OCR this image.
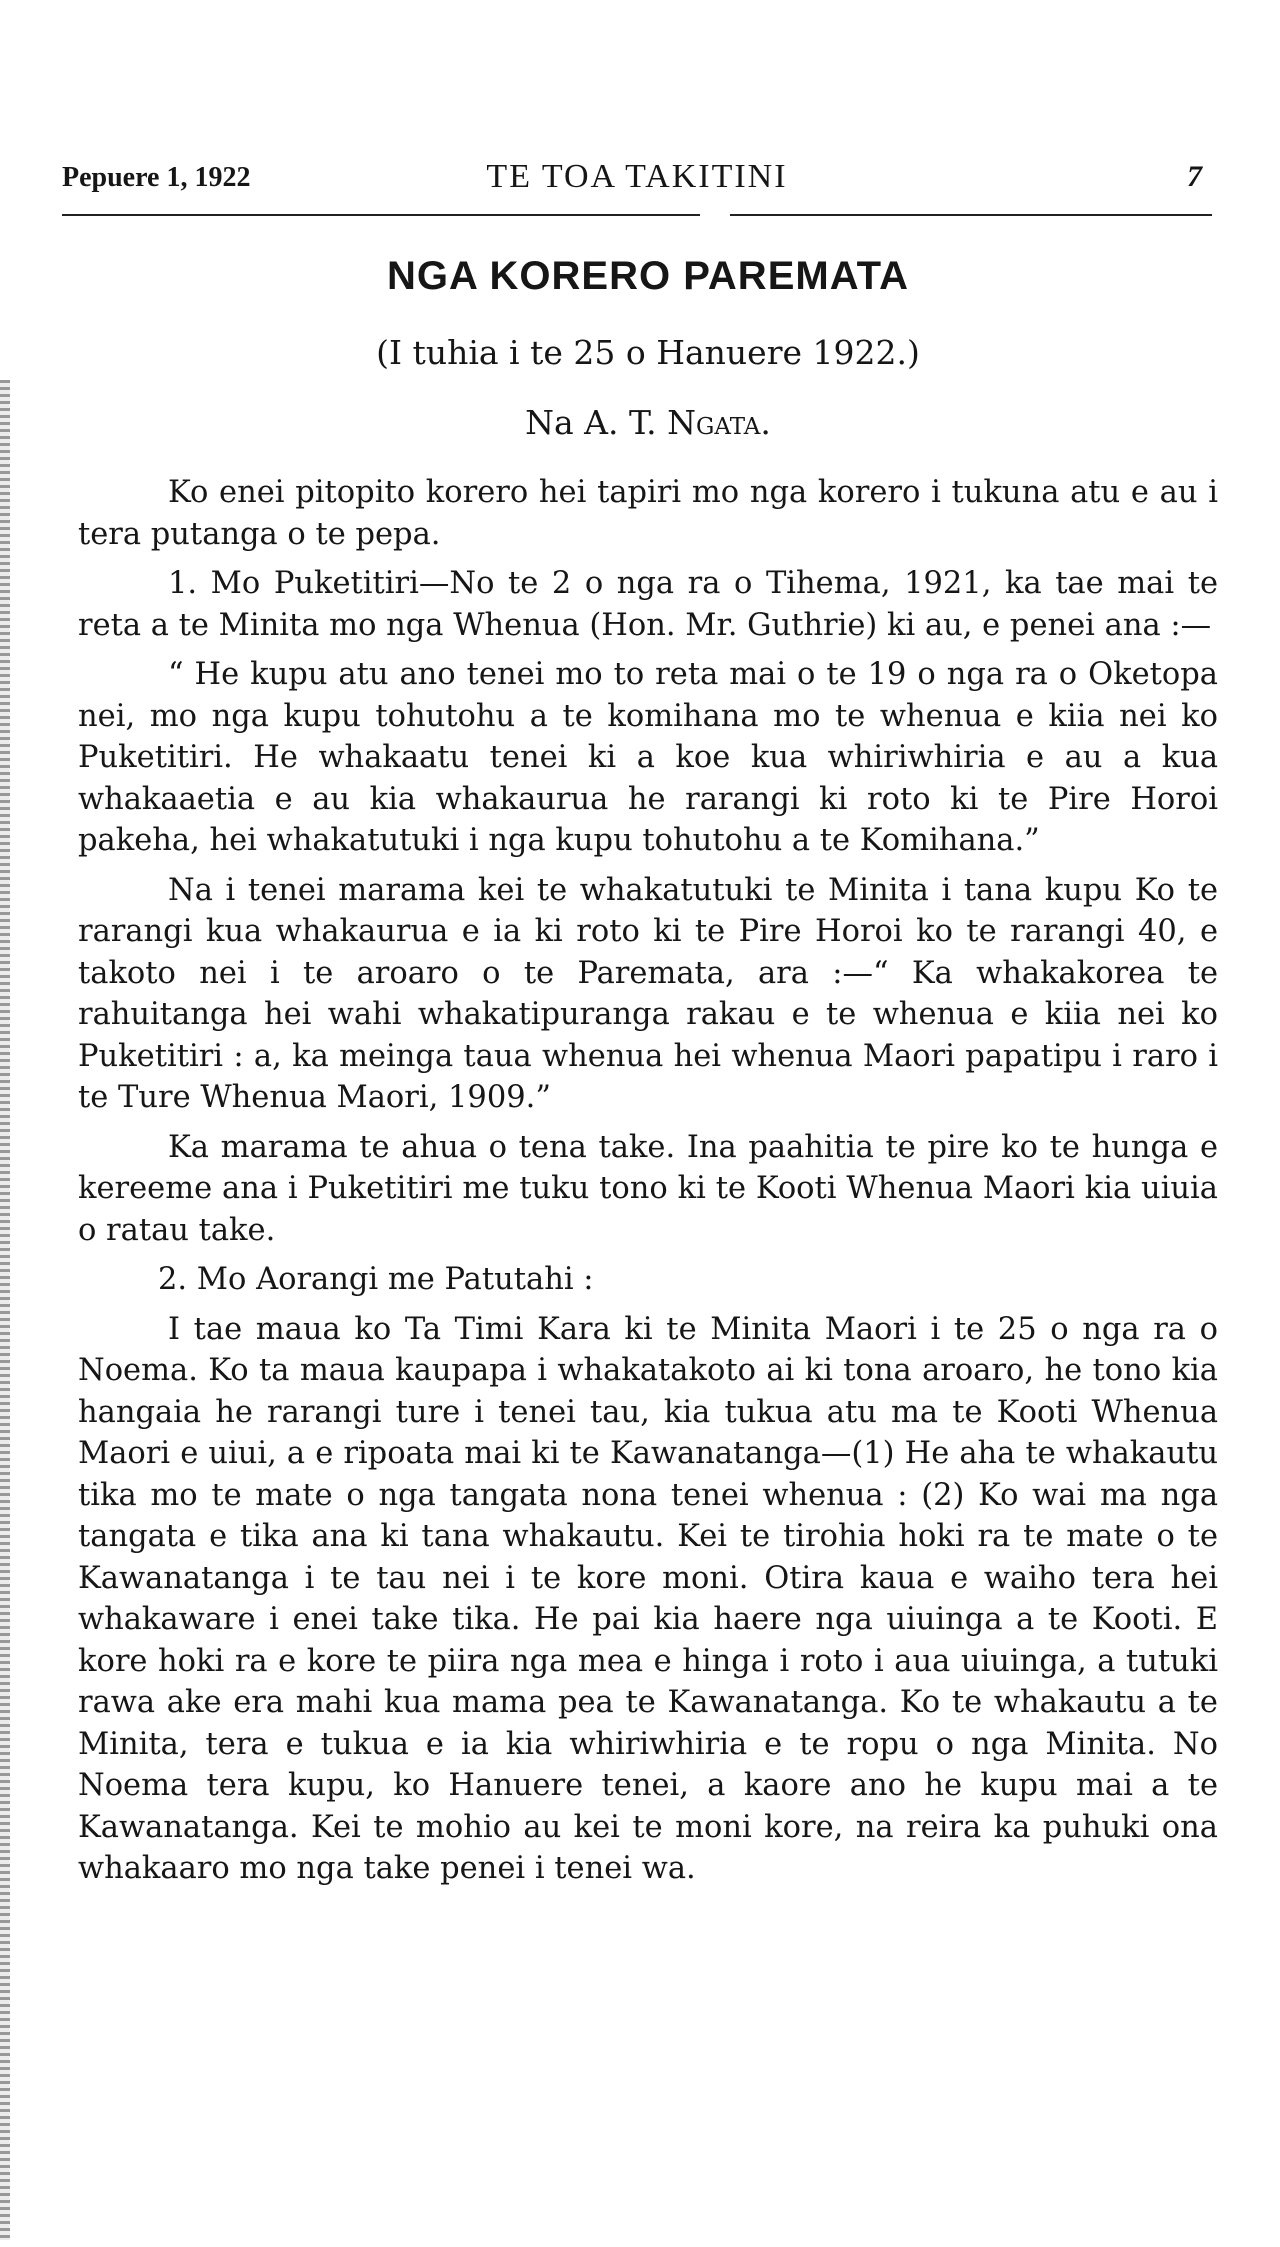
Pepuere 1, 1922	TE TOA TAKITINI	7
NGA KORERO PAREMATA
(I tuhia i te 25 o Hanuere 1922.)
Na A. T. Ngata.

Ko enei pitopito korero hei tapiri mo nga korero i tukuna atu e au i tera putanga o te pepa.

1. Mo Puketitiri—No te 2 o nga ra o Tihema, 1921, ka tae mai te reta a te Minita mo nga Whenua (Hon. Mr. Guthrie) ki au, e penei ana :—

“ He kupu atu ano tenei mo to reta mai o te 19 o nga ra o Oketopa nei, mo nga kupu tohutohu a te komihana mo te whenua e kiia nei ko Puketitiri. He whakaatu tenei ki a koe kua whiriwhiria e au a kua whakaaetia e au kia whakaurua he rarangi ki roto ki te Pire Horoi pakeha, hei whakatutuki i nga kupu tohutohu a te Komihana.”

Na i tenei marama kei te whakatutuki te Minita i tana kupu Ko te rarangi kua whakaurua e ia ki roto ki te Pire Horoi ko te rarangi 40, e takoto nei i te aroaro o te Paremata, ara :—“ Ka whakakorea te rahuitanga hei wahi whakatipuranga rakau e te whenua e kiia nei ko Puketitiri : a, ka meinga taua whenua hei whenua Maori papatipu i raro i te Ture Whenua Maori, 1909.”

Ka marama te ahua o tena take. Ina paahitia te pire ko te hunga e kereeme ana i Puketitiri me tuku tono ki te Kooti Whenua Maori kia uiuia o ratau take.

2. Mo Aorangi me Patutahi :

I tae maua ko Ta Timi Kara ki te Minita Maori i te 25 o nga ra o Noema. Ko ta maua kaupapa i whakatakoto ai ki tona aroaro, he tono kia hangaia he rarangi ture i tenei tau, kia tukua atu ma te Kooti Whenua Maori e uiui, a e ripoata mai ki te Kawanatanga—(1) He aha te whakautu tika mo te mate o nga tangata nona tenei whenua : (2) Ko wai ma nga tangata e tika ana ki tana whakautu. Kei te tirohia hoki ra te mate o te Kawanatanga i te tau nei i te kore moni. Otira kaua e waiho tera hei whakaware i enei take tika. He pai kia haere nga uiuinga a te Kooti. E kore hoki ra e kore te piira nga mea e hinga i roto i aua uiuinga, a tutuki rawa ake era mahi kua mama pea te Kawanatanga. Ko te whakautu a te Minita, tera e tukua e ia kia whiriwhiria e te ropu o nga Minita. No Noema tera kupu, ko Hanuere tenei, a kaore ano he kupu mai a te Kawanatanga. Kei te mohio au kei te moni kore, na reira ka puhuki ona whakaaro mo nga take penei i tenei wa.
